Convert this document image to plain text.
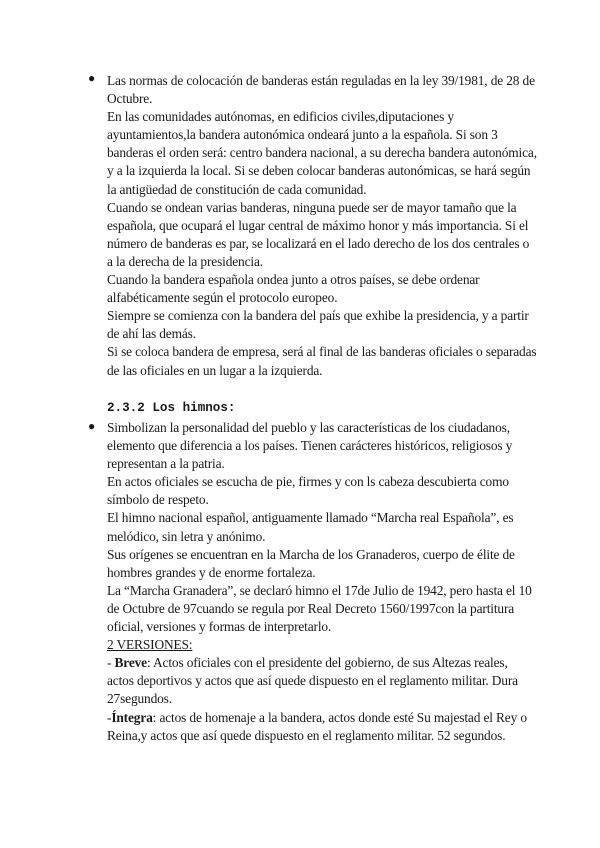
● Las normas de colocación de banderas están reguladas en la ley 39/1981, de 28 de Octubre.

En las comunidades autónomas, en edificios civiles,diputaciones y ayuntamientos,la bandera autonómica ondeará junto a la española. Si son 3 banderas el orden será: centro bandera nacional, a su derecha bandera autonómica, y a la izquierda la local. Si se deben colocar banderas autonómicas, se hará según la antigüedad de constitución de cada comunidad.

Cuando se ondean varias banderas, ninguna puede ser de mayor tamaño que la española, que ocupará el lugar central de máximo honor y más importancia. Si el número de banderas es par, se localizará en el lado derecho de los dos centrales o a la derecha de la presidencia.

Cuando la bandera española ondea junto a otros países, se debe ordenar alfabéticamente según el protocolo europeo.

Siempre se comienza con la bandera del país que exhibe la presidencia, y a partir de ahí las demás.

Si se coloca bandera de empresa, será al final de las banderas oficiales o separadas de las oficiales en un lugar a la izquierda.

2.3.2 Los himnos:
● Simbolizan la personalidad del pueblo y las características de los ciudadanos, elemento que diferencia a los países. Tienen carácteres históricos, religiosos y representan a la patria.

En actos oficiales se escucha de pie, firmes y con ls cabeza descubierta como símbolo de respeto.

El himno nacional español, antiguamente llamado “Marcha real Española”, es melódico, sin letra y anónimo.

Sus orígenes se encuentran en la Marcha de los Granaderos, cuerpo de élite de hombres grandes y de enorme fortaleza.

La “Marcha Granadera”, se declaró himno el 17de Julio de 1942, pero hasta el 10 de Octubre de 97cuando se regula por Real Decreto 1560/1997con la partitura oficial, versiones y formas de interpretarlo.

2 VERSIONES:

- Breve: Actos oficiales con el presidente del gobierno, de sus Altezas reales, actos deportivos y actos que así quede dispuesto en el reglamento militar. Dura 27segundos.

-Íntegra: actos de homenaje a la bandera, actos donde esté Su majestad el Rey o Reina,y actos que así quede dispuesto en el reglamento militar. 52 segundos.
